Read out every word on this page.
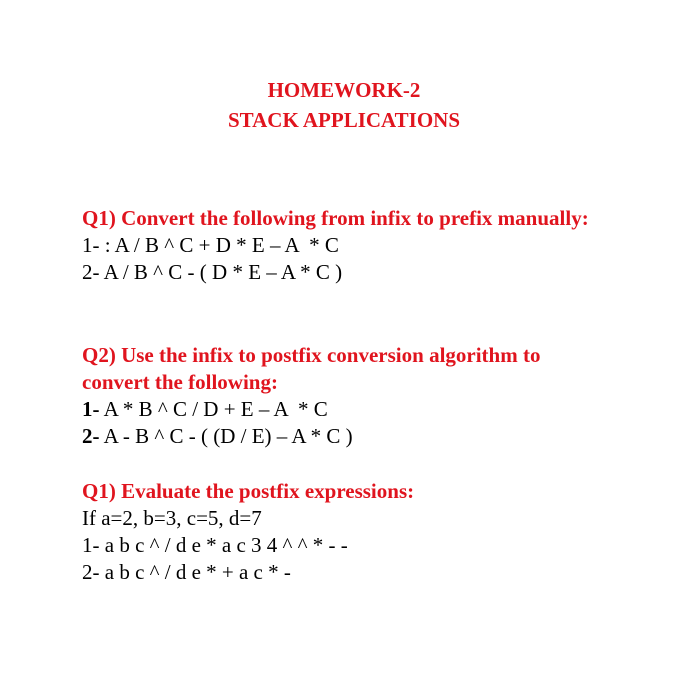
HOMEWORK-2
STACK APPLICATIONS

Q1) Convert the following from infix to prefix manually:

1- : A / B ^ C + D * E – A  * C

2- A / B ^ C - ( D * E – A * C )

Q2) Use the infix to postfix conversion algorithm to convert the following:

1- A * B ^ C / D + E – A  * C

2- A - B ^ C - ( (D / E) – A * C )

Q1) Evaluate the postfix expressions:

If a=2, b=3, c=5, d=7

1- a b c ^ / d e * a c 3 4 ^ ^ * - -

2- a b c ^ / d e * + a c * -
